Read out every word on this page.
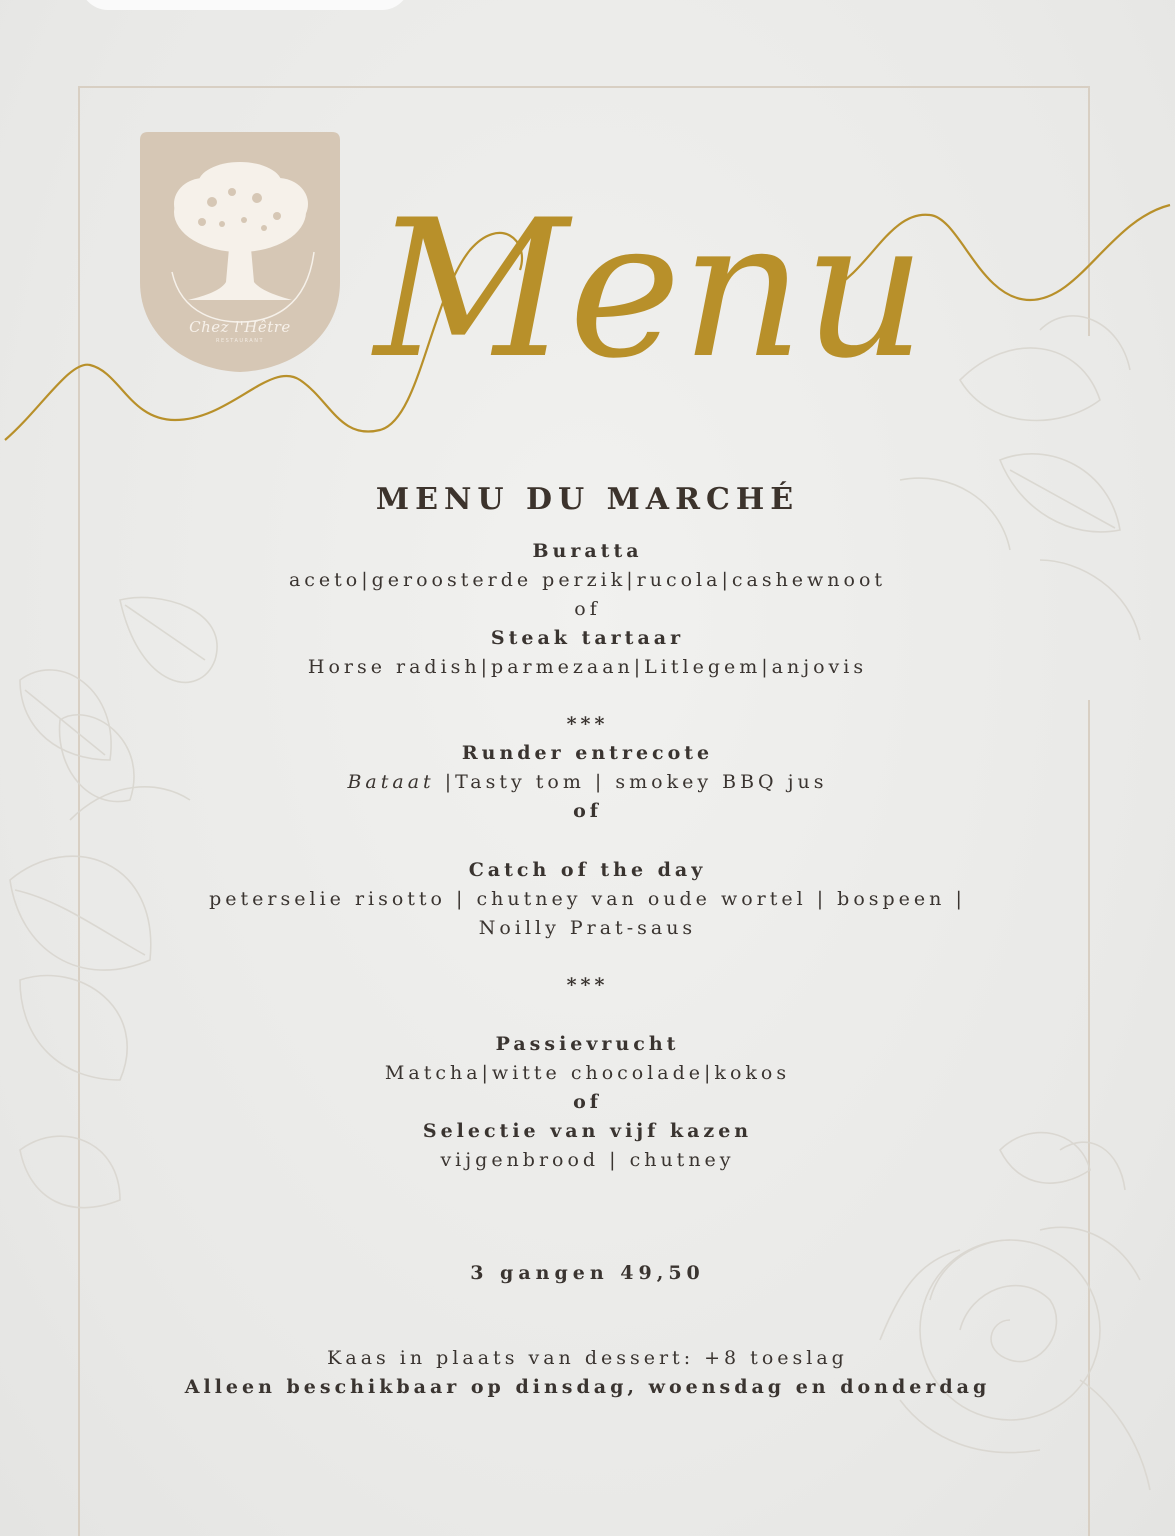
Chez l'Hêtre
RESTAURANT Menu
MENU DU MARCHÉ

Buratta

aceto|geroosterde perzik|rucola|cashewnoot

of

Steak tartaar

Horse radish|parmezaan|Litlegem|anjovis

***

Runder entrecote

Bataat |Tasty tom | smokey BBQ jus

of

Catch of the day

peterselie risotto | chutney van oude wortel | bospeen |

Noilly Prat-saus

***

Passievrucht

Matcha|witte chocolade|kokos

of

Selectie van vijf kazen

vijgenbrood | chutney

3 gangen 49,50

Kaas in plaats van dessert: +8 toeslag

Alleen beschikbaar op dinsdag, woensdag en donderdag
